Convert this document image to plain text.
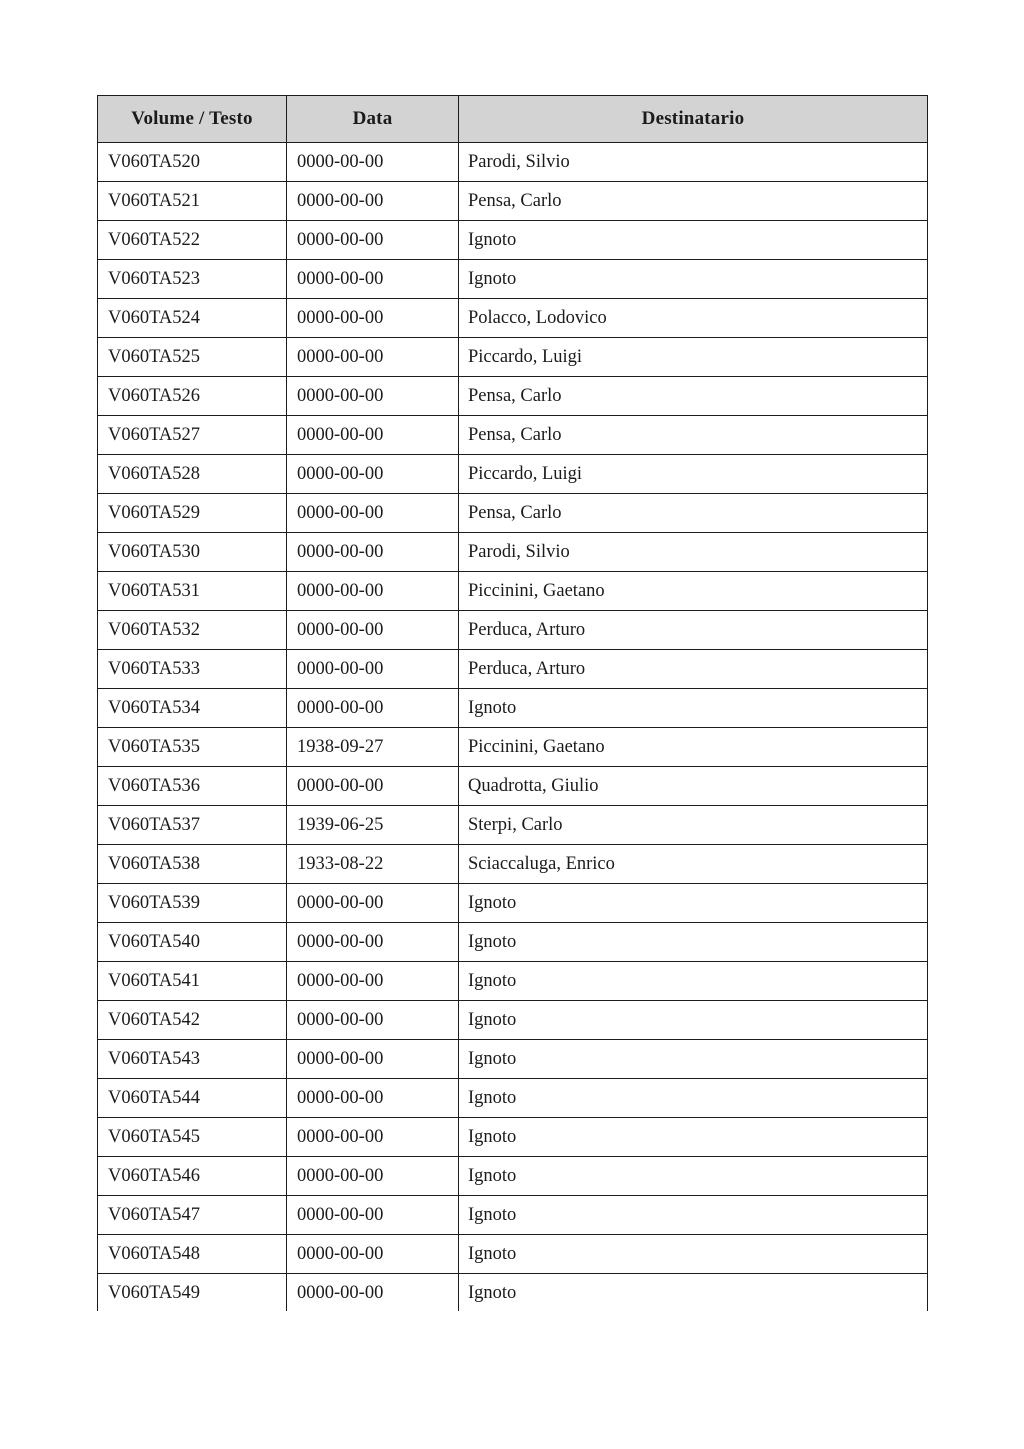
Volume / Testo	Data	Destinatario
V060TA520	0000-00-00	Parodi, Silvio
V060TA521	0000-00-00	Pensa, Carlo
V060TA522	0000-00-00	Ignoto
V060TA523	0000-00-00	Ignoto
V060TA524	0000-00-00	Polacco, Lodovico
V060TA525	0000-00-00	Piccardo, Luigi
V060TA526	0000-00-00	Pensa, Carlo
V060TA527	0000-00-00	Pensa, Carlo
V060TA528	0000-00-00	Piccardo, Luigi
V060TA529	0000-00-00	Pensa, Carlo
V060TA530	0000-00-00	Parodi, Silvio
V060TA531	0000-00-00	Piccinini, Gaetano
V060TA532	0000-00-00	Perduca, Arturo
V060TA533	0000-00-00	Perduca, Arturo
V060TA534	0000-00-00	Ignoto
V060TA535	1938-09-27	Piccinini, Gaetano
V060TA536	0000-00-00	Quadrotta, Giulio
V060TA537	1939-06-25	Sterpi, Carlo
V060TA538	1933-08-22	Sciaccaluga, Enrico
V060TA539	0000-00-00	Ignoto
V060TA540	0000-00-00	Ignoto
V060TA541	0000-00-00	Ignoto
V060TA542	0000-00-00	Ignoto
V060TA543	0000-00-00	Ignoto
V060TA544	0000-00-00	Ignoto
V060TA545	0000-00-00	Ignoto
V060TA546	0000-00-00	Ignoto
V060TA547	0000-00-00	Ignoto
V060TA548	0000-00-00	Ignoto
V060TA549	0000-00-00	Ignoto
